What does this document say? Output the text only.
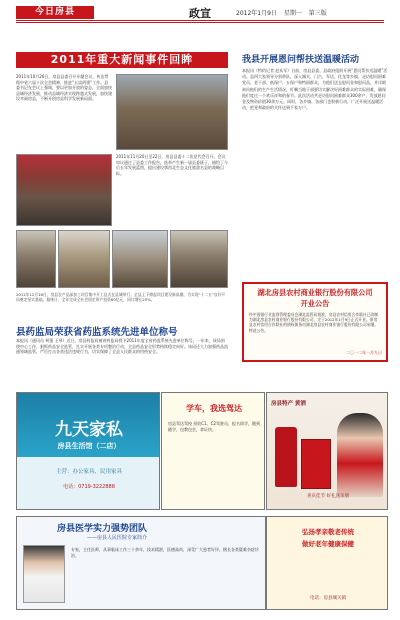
今日房县	政宣	2012年1月9日 星期一 第三版
2011年重大新闻事件回眸
2011年10月26日，房县县委召开专题会议，传达贯彻中省六届十次全会精神，推进“五谈两建”工作。县委书记在会议上强调，要以更加开放的姿态，全面加快县域经济发展，推动县域经济实现跨越式发展，加快建设幸福房县，不断开创房县科学发展新局面。
2011年11月20日至22日，房县县委十二次党代会召开。会议审议通过了县委工作报告，选举产生新一届县委班子，描绘了今后五年发展蓝图，提出建设鄂西北生态文化旅游名县的战略目标。
2011年12月16日，房县农产品深加工项目集中开工仪式在县城举行。全县上下掀起项目建设新高潮，为实现“十二五”良好开局奠定坚实基础。据统计，全年完成全社会固定资产投资60亿元，同比增长25%。
县药监局荣获省药监系统先进单位称号
本报讯（通讯员 柯强 王琴）近日，房县药监局被省药监局授予2011年度全省药监系统先进单位称号。一年来，该局围绕中心工作，狠抓药品安全监管，扎实开展各类专项整治行动，全县药品安全形势持续稳定向好。该局还大力加强药品流通领域监管，严厉打击各类违法违规行为，切实保障了全县人民群众的用药安全。
我县开展恩问帮扶送温暖活动
本报讯（特约记者 赵从军）日前，房县县委、县政府组织开展“恩问帮扶送温暖”活动。县四大家领导分别带队，深入城关、门古、军店、化龙等乡镇，走访慰问困难党员、老干部、低保户、五保户和特困群众，为他们送去慰问金和慰问品，并详细询问他们的生产生活情况，叮嘱当地干部要切实解决好困难群众的实际困难，确保他们度过一个欢乐祥和的春节。此次活动共走访慰问困难群众300余户，发放慰问金及物资价值30余万元。同时，各乡镇、各部门也积极行动，广泛开展送温暖活动，把党和政府的关怀送到千家万户。
湖北房县农村商业银行股份有限公司
开业公告
经中国银行业监督管理委员会湖北监管局批准，房县农村信用合作联社已改制为湖北房县农村商业银行股份有限公司，定于2012年1月9日正式开业。原房县农村信用合作联社的债权债务由湖北房县农村商业银行股份有限公司承继。特此公告。
二〇一二年一月九日
九天家私
房县生活馆（二店）
主营：办公家具、民用家具
电话：0719-3222888
学车，我选驾达
房县驾达驾校 招收C1、C2驾驶员，报名即学，随到随学，包教包会，拿证快。
房县特产 黄酒
喜庆佳节 好礼送亲朋
房县医学实力强势团队
——房县人民医院专家简介
专家，主任医师，从事临床工作三十余年，技术精湛，医德高尚，深受广大患者好评。擅长各类疑难杂症诊治。
弘扬孝亲敬老传统
做好老年健康保健
电话：房县城关镇
